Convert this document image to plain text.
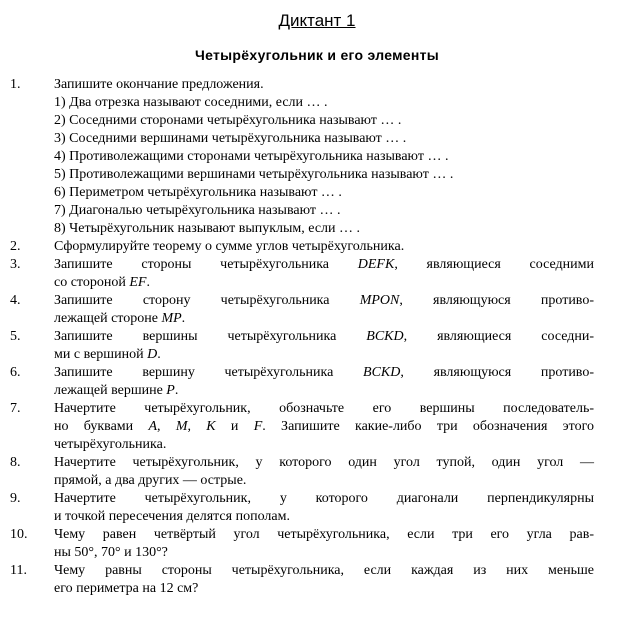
Диктант 1
Четырёхугольник и его элементы
1.	Запишите окончание предложения.
1) Два отрезка называют соседними, если … .
2) Соседними сторонами четырёхугольника называют … .
3) Соседними вершинами четырёхугольника называют … .
4) Противолежащими сторонами четырёхугольника называют … .
5) Противолежащими вершинами четырёхугольника называют … .
6) Периметром четырёхугольника называют … .
7) Диагональю четырёхугольника называют … .
8) Четырёхугольник называют выпуклым, если … .
2.	Сформулируйте теорему о сумме углов четырёхугольника.
3.	Запишите стороны четырёхугольника DEFK, являющиеся соседними
со стороной EF.
4.	Запишите сторону четырёхугольника MPON, являющуюся противо-
лежащей стороне MP.
5.	Запишите вершины четырёхугольника BCKD, являющиеся соседни-
ми с вершиной D.
6.	Запишите вершину четырёхугольника BCKD, являющуюся противо-
лежащей вершине P.
7.	Начертите четырёхугольник, обозначьте его вершины последователь-
но буквами A, M, K и F. Запишите какие-либо три обозначения этого
четырёхугольника.
8.	Начертите четырёхугольник, у которого один угол тупой, один угол —
прямой, а два других — острые.
9.	Начертите четырёхугольник, у которого диагонали перпендикулярны
и точкой пересечения делятся пополам.
10.	Чему равен четвёртый угол четырёхугольника, если три его угла рав-
ны 50°, 70° и 130°?
11.	Чему равны стороны четырёхугольника, если каждая из них меньше
его периметра на 12 см?
